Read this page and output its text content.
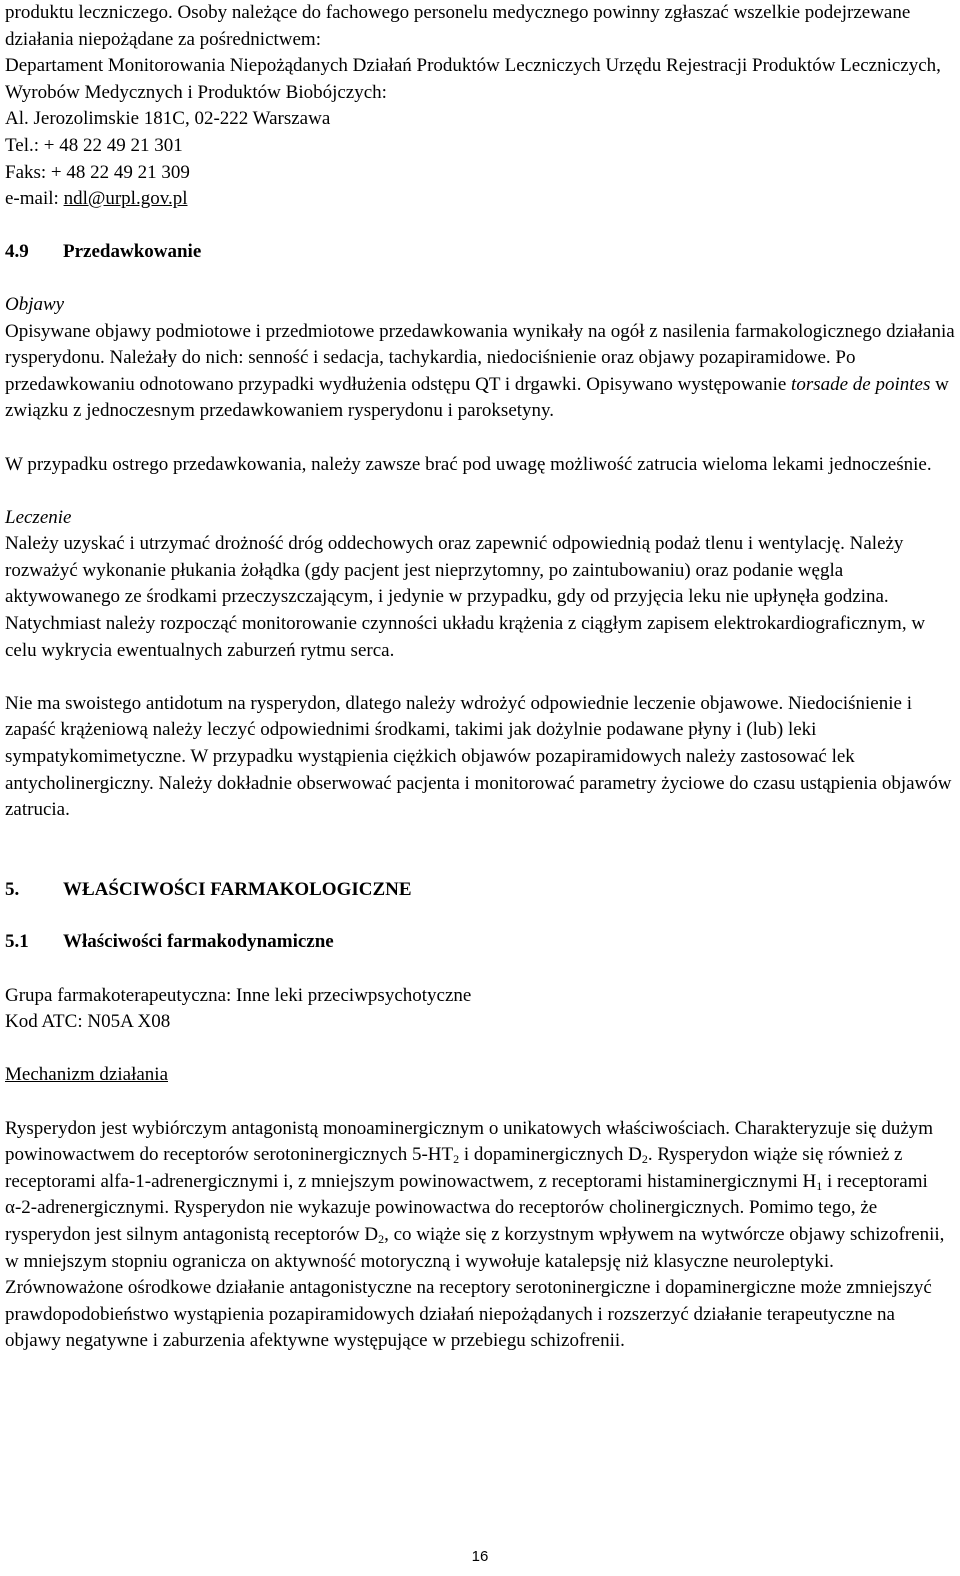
produktu leczniczego. Osoby należące do fachowego personelu medycznego powinny zgłaszać wszelkie podejrzewane działania niepożądane za pośrednictwem:
Departament Monitorowania Niepożądanych Działań Produktów Leczniczych Urzędu Rejestracji Produktów Leczniczych, Wyrobów Medycznych i Produktów Biobójczych:
Al. Jerozolimskie 181C, 02-222 Warszawa
Tel.: + 48 22 49 21 301
Faks: + 48 22 49 21 309
e-mail: ndl@urpl.gov.pl

4.9 Przedawkowanie

Objawy

Opisywane objawy podmiotowe i przedmiotowe przedawkowania wynikały na ogół z nasilenia farmakologicznego działania rysperydonu. Należały do nich: senność i sedacja, tachykardia, niedociśnienie oraz objawy pozapiramidowe. Po przedawkowaniu odnotowano przypadki wydłużenia odstępu QT i drgawki. Opisywano występowanie torsade de pointes w związku z jednoczesnym przedawkowaniem rysperydonu i paroksetyny.

W przypadku ostrego przedawkowania, należy zawsze brać pod uwagę możliwość zatrucia wieloma lekami jednocześnie.

Leczenie

Należy uzyskać i utrzymać drożność dróg oddechowych oraz zapewnić odpowiednią podaż tlenu i wentylację. Należy rozważyć wykonanie płukania żołądka (gdy pacjent jest nieprzytomny, po zaintubowaniu) oraz podanie węgla aktywowanego ze środkami przeczyszczającym, i jedynie w przypadku, gdy od przyjęcia leku nie upłynęła godzina. Natychmiast należy rozpocząć monitorowanie czynności układu krążenia z ciągłym zapisem elektrokardiograficznym, w celu wykrycia ewentualnych zaburzeń rytmu serca.

Nie ma swoistego antidotum na rysperydon, dlatego należy wdrożyć odpowiednie leczenie objawowe. Niedociśnienie i zapaść krążeniową należy leczyć odpowiednimi środkami, takimi jak dożylnie podawane płyny i (lub) leki sympatykomimetyczne. W przypadku wystąpienia ciężkich objawów pozapiramidowych należy zastosować lek antycholinergiczny. Należy dokładnie obserwować pacjenta i monitorować parametry życiowe do czasu ustąpienia objawów zatrucia.

5. WŁAŚCIWOŚCI FARMAKOLOGICZNE

5.1 Właściwości farmakodynamiczne

Grupa farmakoterapeutyczna: Inne leki przeciwpsychotyczne

Kod ATC: N05A X08

Mechanizm działania

Rysperydon jest wybiórczym antagonistą monoaminergicznym o unikatowych właściwościach. Charakteryzuje się dużym powinowactwem do receptorów serotoninergicznych $5-HT_2$ i dopaminergicznych $D_2$. Rysperydon wiąże się również z receptorami alfa-1-adrenergicznymi i, z mniejszym powinowactwem, z receptorami histaminergicznymi $H_1$ i receptorami α-2-adrenergicznymi. Rysperydon nie wykazuje powinowactwa do receptorów cholinergicznych. Pomimo tego, że rysperydon jest silnym antagonistą receptorów $D_2$, co wiąże się z korzystnym wpływem na wytwórcze objawy schizofrenii, w mniejszym stopniu ogranicza on aktywność motoryczną i wywołuje katalepsję niż klasyczne neuroleptyki. Zrównoważone ośrodkowe działanie antagonistyczne na receptory serotoninergiczne i dopaminergiczne może zmniejszyć prawdopodobieństwo wystąpienia pozapiramidowych działań niepożądanych i rozszerzyć działanie terapeutyczne na objawy negatywne i zaburzenia afektywne występujące w przebiegu schizofrenii.

16
